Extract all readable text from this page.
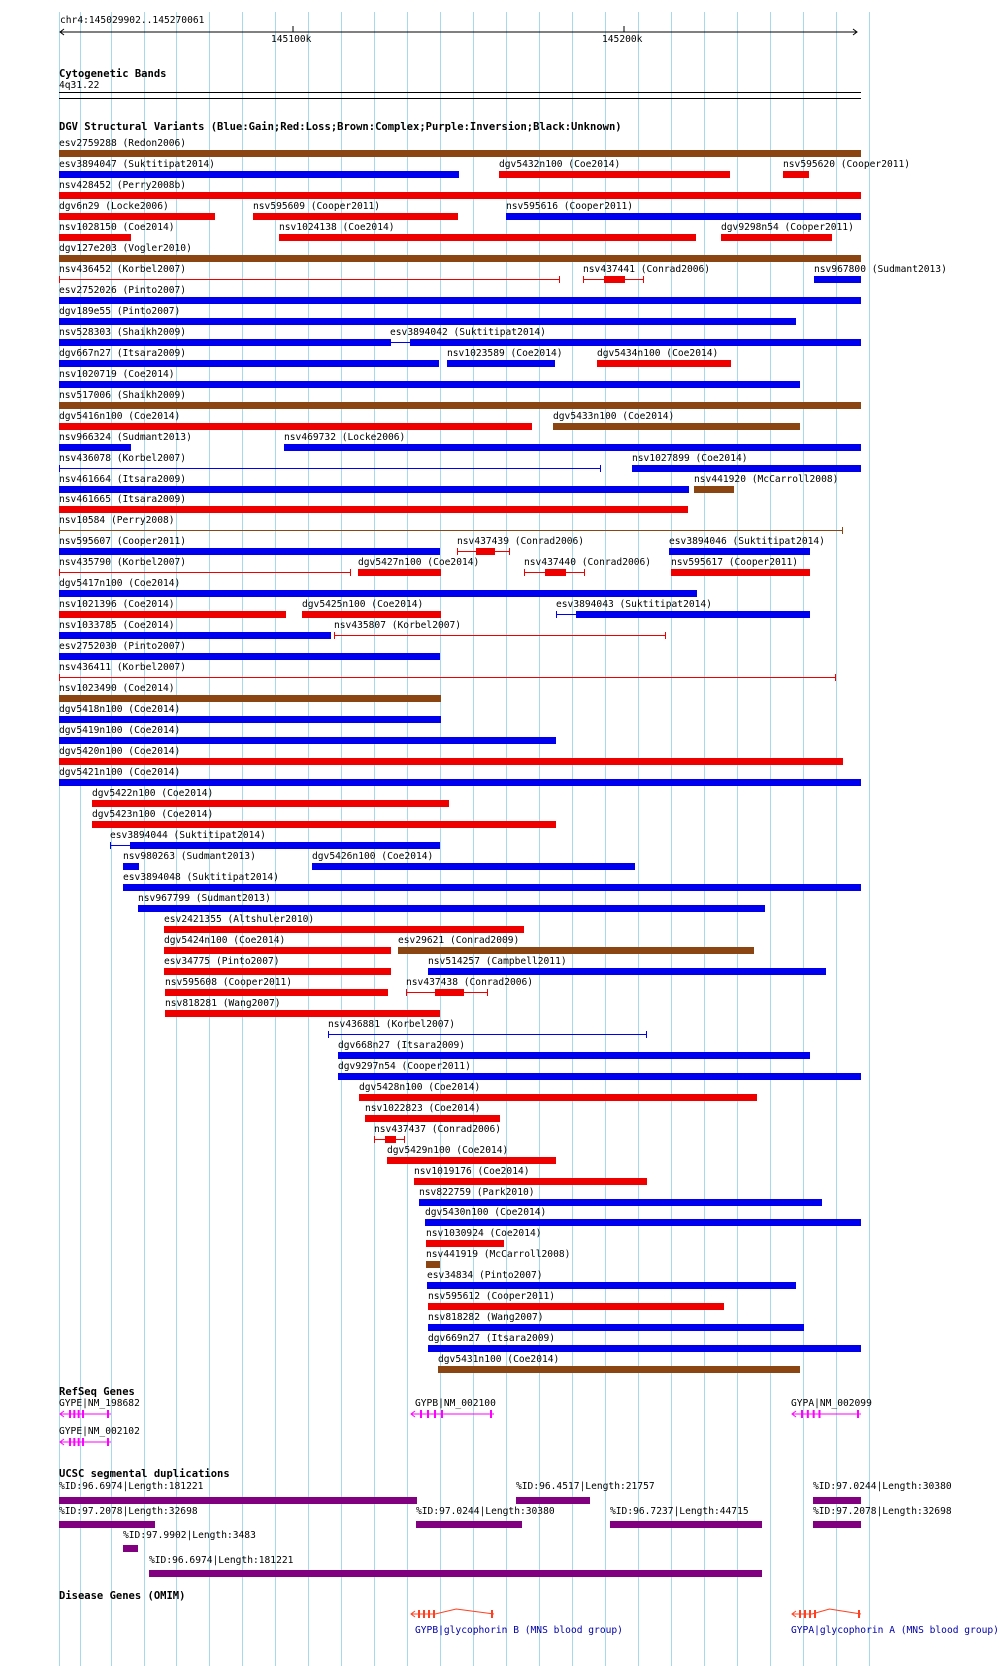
chr4:145029902..145270061
145100k	145200k
Cytogenetic Bands
4q31.22
DGV Structural Variants (Blue:Gain;Red:Loss;Brown:Complex;Purple:Inversion;Black:Unknown)
esv2759288 (Redon2006)
esv3894047 (Suktitipat2014)	dgv5432n100 (Coe2014)	nsv595620 (Cooper2011)
nsv428452 (Perry2008b)
dgv6n29 (Locke2006)	nsv595609 (Cooper2011)	nsv595616 (Cooper2011)
nsv1028150 (Coe2014)	nsv1024138 (Coe2014)	dgv9298n54 (Cooper2011)
dgv127e203 (Vogler2010)
nsv436452 (Korbel2007)	nsv437441 (Conrad2006)	nsv967800 (Sudmant2013)
esv2752026 (Pinto2007)
dgv189e55 (Pinto2007)
nsv528303 (Shaikh2009)	esv3894042 (Suktitipat2014)
dgv667n27 (Itsara2009)	nsv1023589 (Coe2014)	dgv5434n100 (Coe2014)
nsv1020719 (Coe2014)
nsv517006 (Shaikh2009)
dgv5416n100 (Coe2014)	dgv5433n100 (Coe2014)
nsv966324 (Sudmant2013)	nsv469732 (Locke2006)
nsv436078 (Korbel2007)	nsv1027899 (Coe2014)
nsv461664 (Itsara2009)	nsv441920 (McCarroll2008)
nsv461665 (Itsara2009)
nsv10584 (Perry2008)
nsv595607 (Cooper2011)	nsv437439 (Conrad2006)	esv3894046 (Suktitipat2014)
nsv435790 (Korbel2007)	dgv5427n100 (Coe2014)	nsv437440 (Conrad2006) nsv595617 (Cooper2011)
dgv5417n100 (Coe2014)
nsv1021396 (Coe2014)	dgv5425n100 (Coe2014)	esv3894043 (Suktitipat2014)
nsv1033785 (Coe2014)	nsv435807 (Korbel2007)
esv2752030 (Pinto2007)
nsv436411 (Korbel2007)
nsv1023490 (Coe2014)
dgv5418n100 (Coe2014)
dgv5419n100 (Coe2014)
dgv5420n100 (Coe2014)
dgv5421n100 (Coe2014)
dgv5422n100 (Coe2014)
dgv5423n100 (Coe2014)
esv3894044 (Suktitipat2014)
nsv980263 (Sudmant2013)	dgv5426n100 (Coe2014)
esv3894048 (Suktitipat2014)
nsv967799 (Sudmant2013)
esv2421355 (Altshuler2010)
dgv5424n100 (Coe2014)	esv29621 (Conrad2009)
esv34775 (Pinto2007)	nsv514257 (Campbell2011)
nsv595608 (Cooper2011)	nsv437438 (Conrad2006)
nsv818281 (Wang2007)
nsv436881 (Korbel2007)
dgv668n27 (Itsara2009)
dgv9297n54 (Cooper2011)
dgv5428n100 (Coe2014)
nsv1022823 (Coe2014)
nsv437437 (Conrad2006)
dgv5429n100 (Coe2014)
nsv1019176 (Coe2014)
nsv822759 (Park2010)
dgv5430n100 (Coe2014)
nsv1030924 (Coe2014)
nsv441919 (McCarroll2008)
esv34834 (Pinto2007)
nsv595612 (Cooper2011)
nsv818282 (Wang2007)
dgv669n27 (Itsara2009)
dgv5431n100 (Coe2014)
RefSeq Genes
GYPE|NM_198682
GYPE|NM_002102
GYPB|NM_002100	GYPA|NM_002099
UCSC segmental duplications
%ID:96.6974|Length:181221	%ID:96.4517|Length:21757	%ID:97.0244|Length:30380
%ID:97.2078|Length:32698	%ID:97.0244|Length:30380	%ID:96.7237|Length:44715	%ID:97.2078|Length:32698
%ID:97.9902|Length:3483
%ID:96.6974|Length:181221
Disease Genes (OMIM)
GYPB|glycophorin B (MNS blood group)	GYPA|glycophorin A (MNS blood group)
